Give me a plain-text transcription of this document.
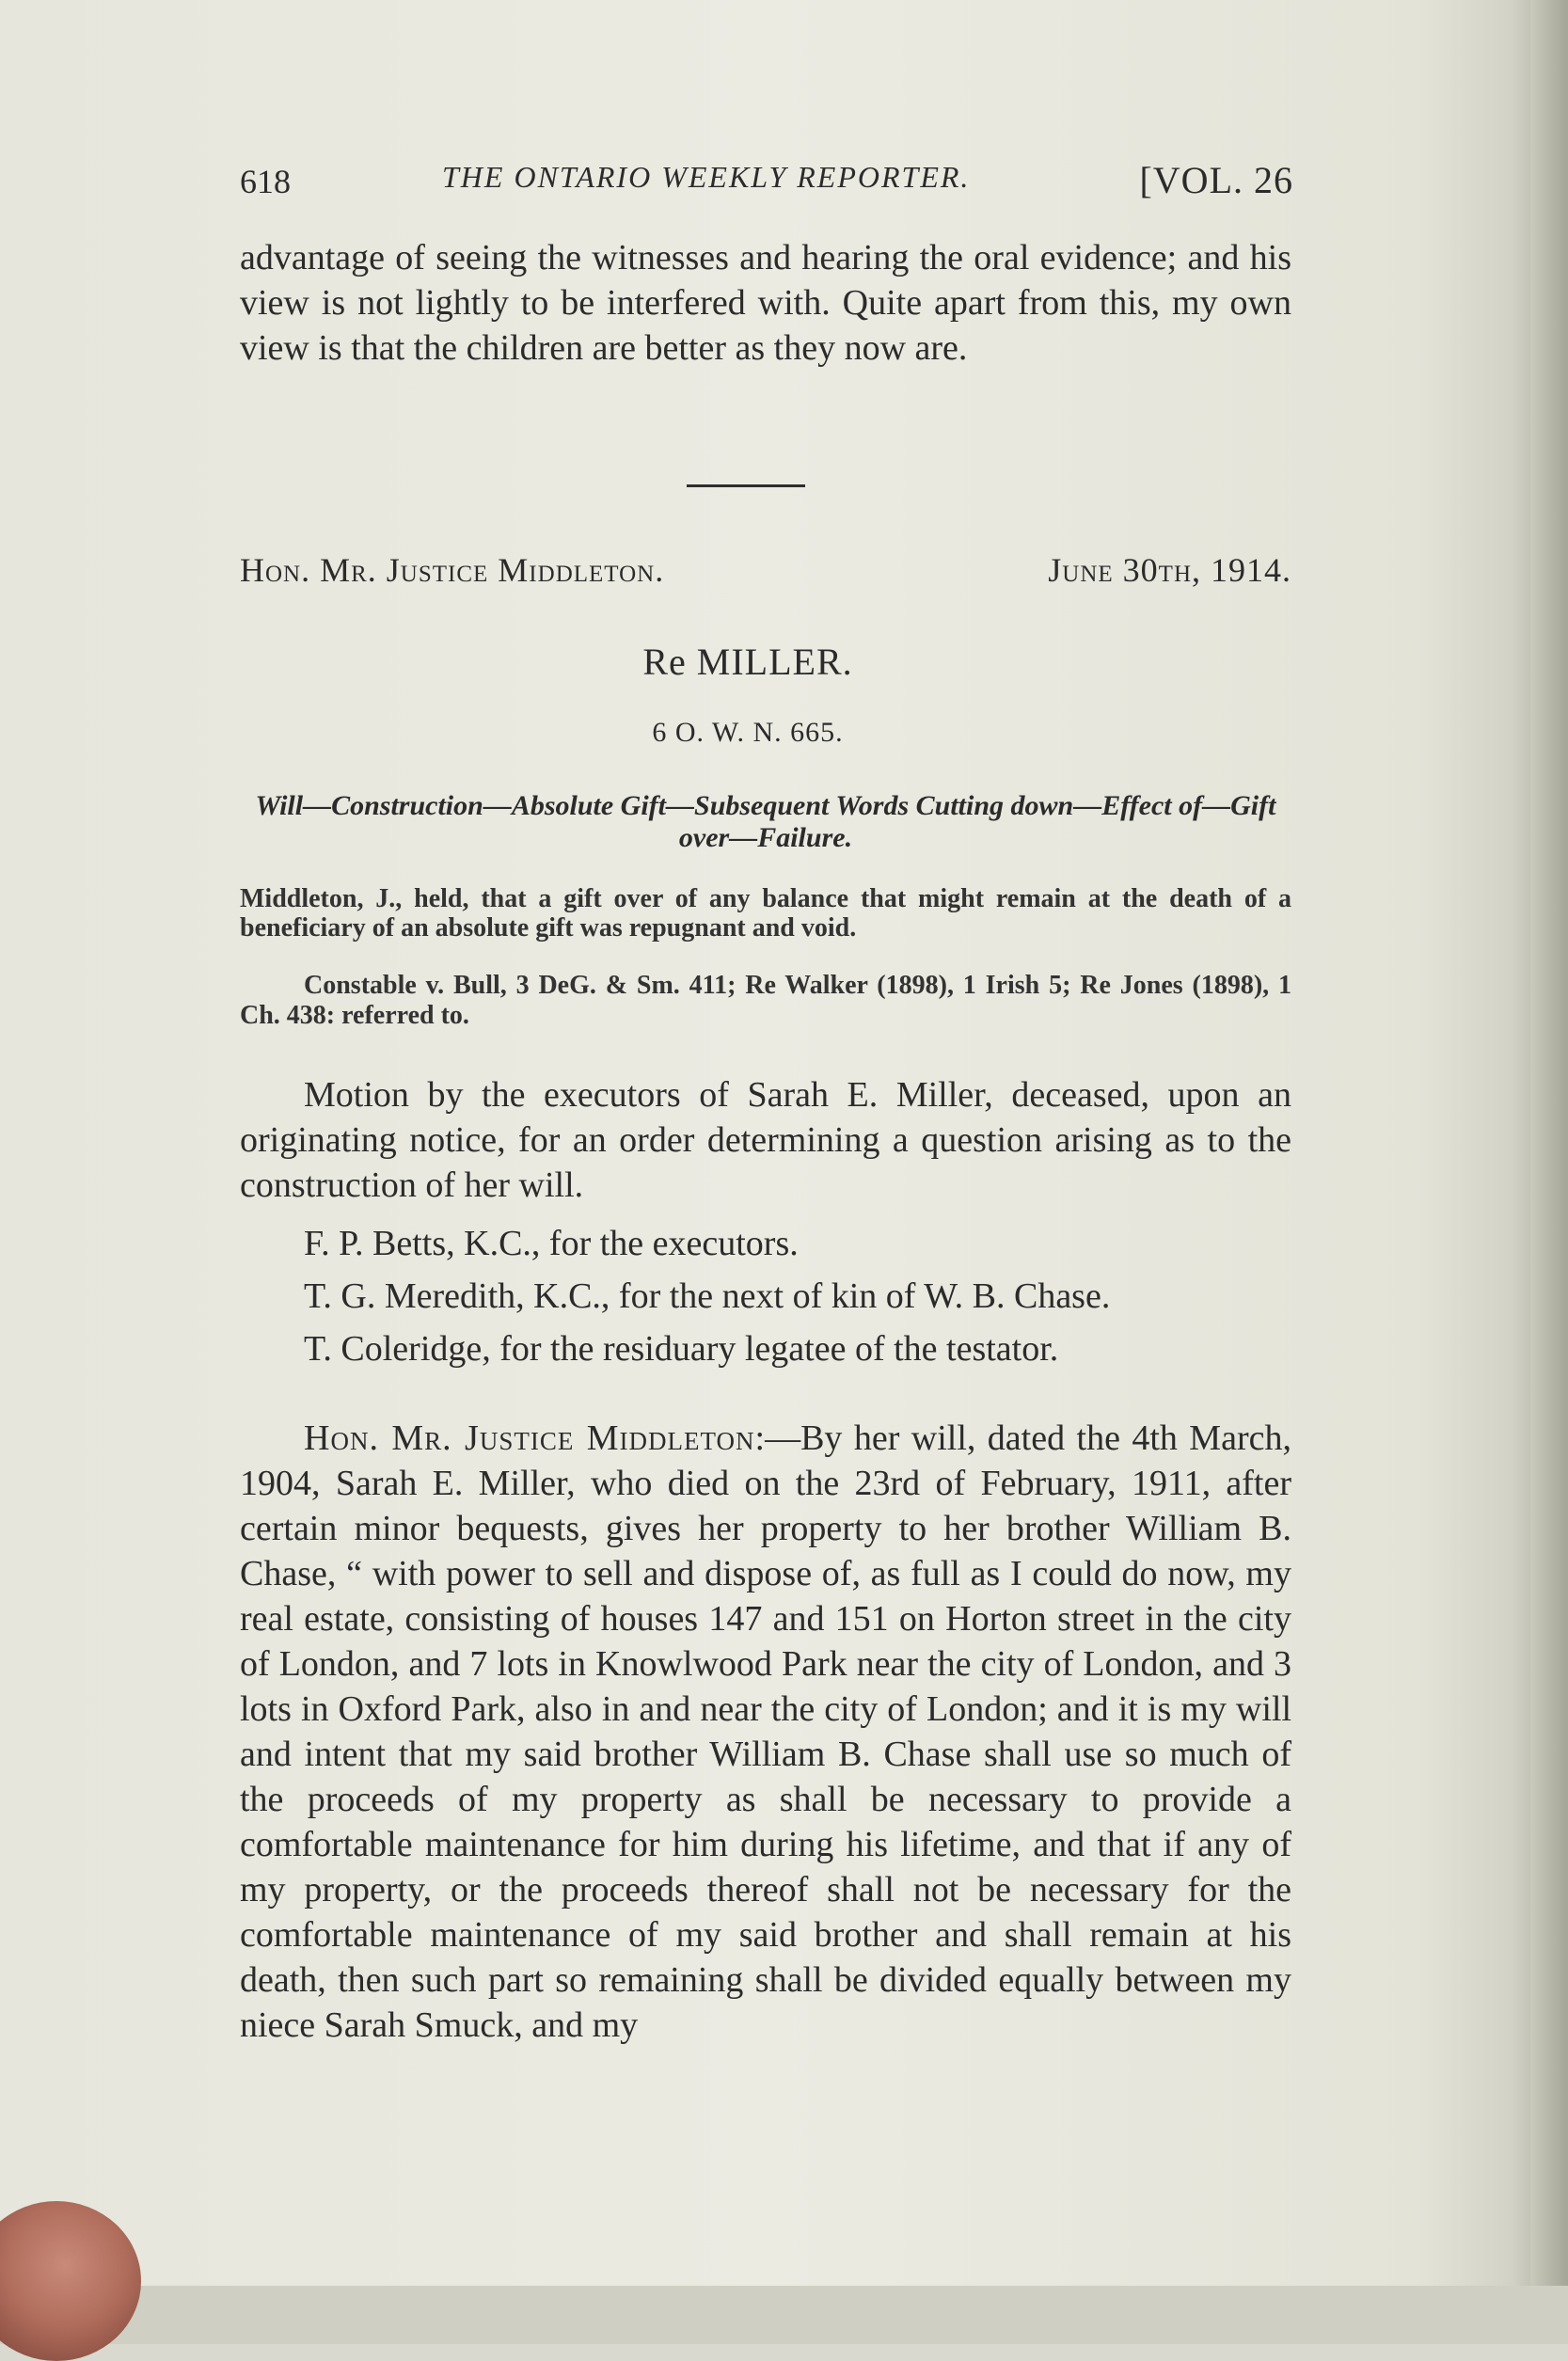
618	THE ONTARIO WEEKLY REPORTER.	[VOL. 26
advantage of seeing the witnesses and hearing the oral evidence; and his view is not lightly to be interfered with. Quite apart from this, my own view is that the children are better as they now are.
Hon. Mr. Justice Middleton.	June 30th, 1914.
Re MILLER.
6 O. W. N. 665.
Will—Construction—Absolute Gift—Subsequent Words Cutting down—Effect of—Gift over—Failure.
Middleton, J., held, that a gift over of any balance that might remain at the death of a beneficiary of an absolute gift was repugnant and void.
Constable v. Bull, 3 DeG. & Sm. 411; Re Walker (1898), 1 Irish 5; Re Jones (1898), 1 Ch. 438: referred to.
Motion by the executors of Sarah E. Miller, deceased, upon an originating notice, for an order determining a question arising as to the construction of her will.
F. P. Betts, K.C., for the executors.
T. G. Meredith, K.C., for the next of kin of W. B. Chase.
T. Coleridge, for the residuary legatee of the testator.
Hon. Mr. Justice Middleton:—By her will, dated the 4th March, 1904, Sarah E. Miller, who died on the 23rd of February, 1911, after certain minor bequests, gives her property to her brother William B. Chase, “ with power to sell and dispose of, as full as I could do now, my real estate, consisting of houses 147 and 151 on Horton street in the city of London, and 7 lots in Knowlwood Park near the city of London, and 3 lots in Oxford Park, also in and near the city of London; and it is my will and intent that my said brother William B. Chase shall use so much of the proceeds of my property as shall be necessary to provide a comfortable maintenance for him during his lifetime, and that if any of my property, or the proceeds thereof shall not be necessary for the comfortable maintenance of my said brother and shall remain at his death, then such part so remaining shall be divided equally between my niece Sarah Smuck, and my
